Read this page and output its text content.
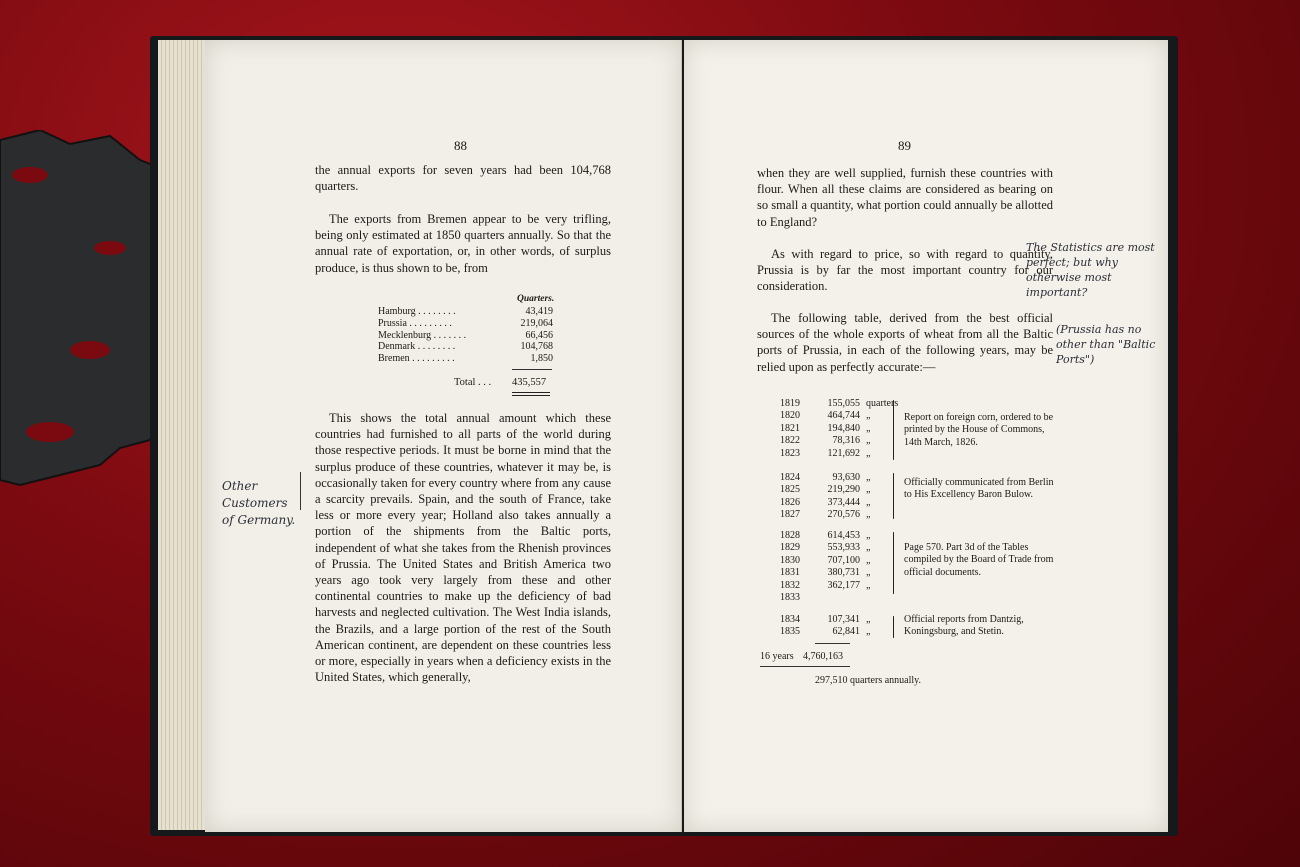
88

the annual exports for seven years had been 104,768 quarters.

The exports from Bremen appear to be very trifling, being only estimated at 1850 quarters annually. So that the annual rate of exportation, or, in other words, of surplus produce, is thus shown to be, from

Quarters.
Hamburg . . . . . . . .	43,419
Prussia . . . . . . . . .	219,064
Mecklenburg . . . . . . .	66,456
Denmark . . . . . . . .	104,768
Bremen . . . . . . . . .	1,850
Total . . . 435,557

This shows the total annual amount which these countries had furnished to all parts of the world during those respective periods. It must be borne in mind that the surplus produce of these countries, whatever it may be, is occasionally taken for every country where from any cause a scarcity prevails. Spain, and the south of France, take less or more every year; Holland also takes annually a portion of the shipments from the Baltic ports, independent of what she takes from the Rhenish provinces of Prussia. The United States and British America two years ago took very largely from these and other continental countries to make up the deficiency of bad harvests and neglected cultivation. The West India islands, the Brazils, and a large portion of the rest of the South American continent, are dependent on these countries less or more, especially in years when a deficiency exists in the United States, which generally,

Other Customers of Germany.
89

when they are well supplied, furnish these countries with flour. When all these claims are considered as bearing on so small a quantity, what portion could annually be allotted to England?

As with regard to price, so with regard to quantity, Prussia is by far the most important country for our consideration.

The following table, derived from the best official sources of the whole exports of wheat from all the Baltic ports of Prussia, in each of the following years, may be relied upon as perfectly accurate:—

The Statistics are most perfect; but why otherwise most important?
(Prussia has no other than "Baltic Ports")
1819	155,055 quarters
1820	464,744 „
1821	194,840 „
1822	78,316 „
1823	121,692 „
Report on foreign corn, ordered to be printed by the House of Commons, 14th March, 1826.
1824	93,630 „
1825	219,290 „
1826	373,444 „
1827	270,576 „
Officially communicated from Berlin to His Excellency Baron Bulow.
1828	614,453 „
1829	553,933 „
1830	707,100 „
1831	380,731 „
1832	362,177 „
1833
Page 570. Part 3d of the Tables compiled by the Board of Trade from official documents.
1834	107,341 „
1835	62,841 „
Official reports from Dantzig, Koningsburg, and Stetin.
16 years 4,760,163
297,510 quarters annually.
